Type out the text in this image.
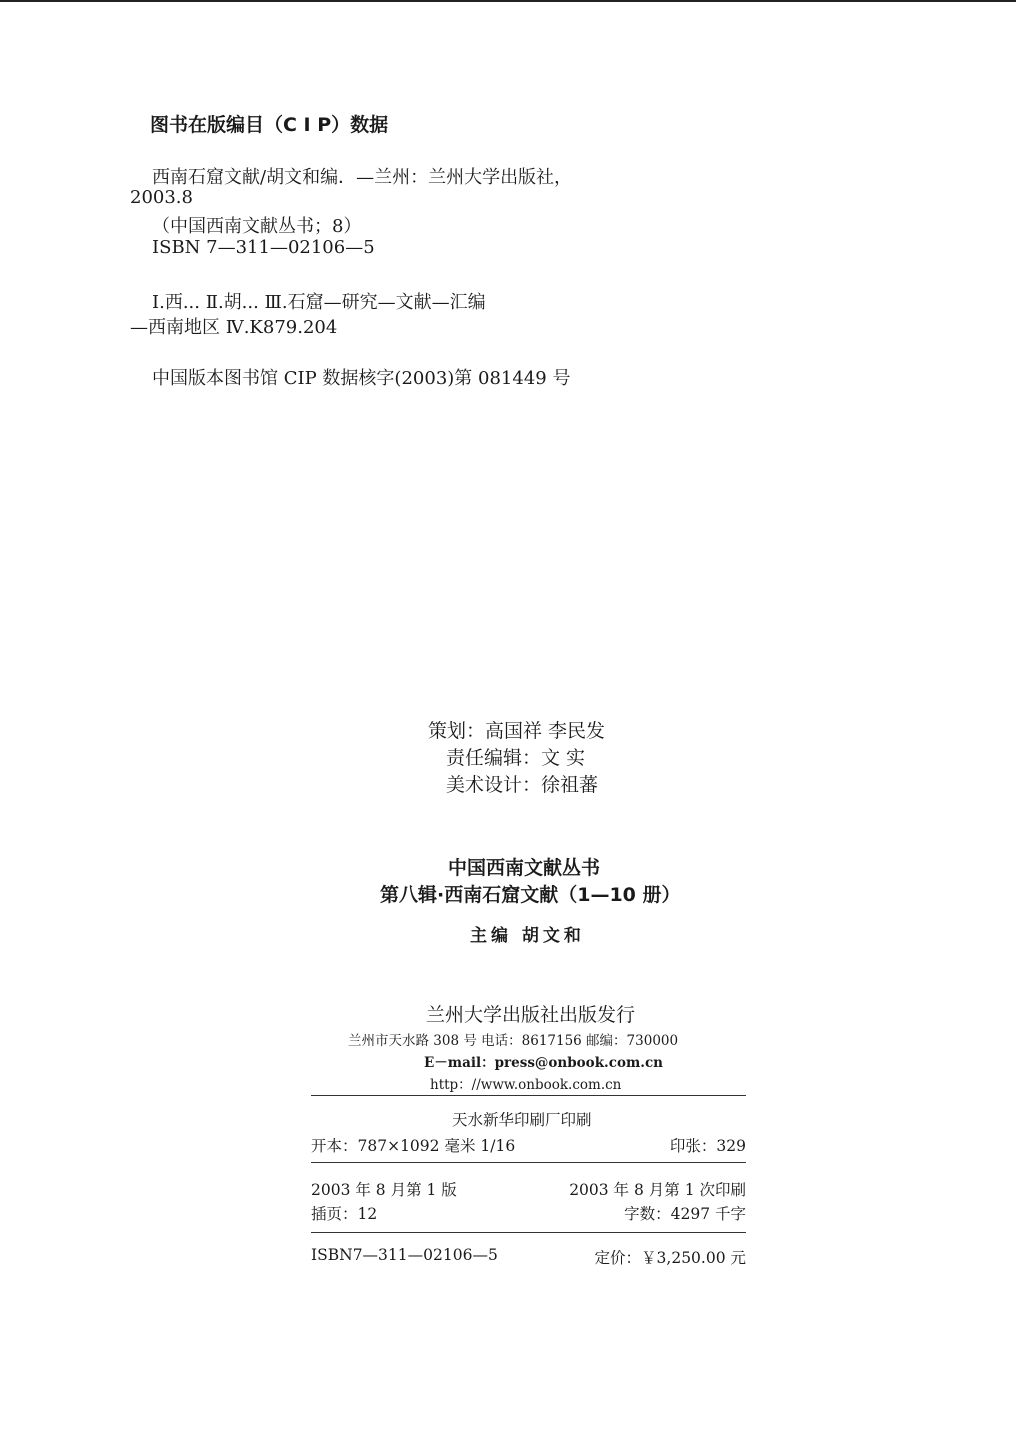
图书在版编目（C I P）数据
西南石窟文献/胡文和编．—兰州：兰州大学出版社，
2003.8
（中国西南文献丛书；8）
ISBN 7—311—02106—5
Ⅰ.西... Ⅱ.胡... Ⅲ.石窟—研究—文献—汇编
—西南地区 Ⅳ.K879.204
中国版本图书馆 CIP 数据核字(2003)第 081449 号
策划：高国祥 李民发
责任编辑：文 实
美术设计：徐祖蕃
中国西南文献丛书
第八辑·西南石窟文献（1—10 册）
主编 胡文和
兰州大学出版社出版发行
兰州市天水路 308 号 电话：8617156 邮编：730000
E－mail：press@onbook.com.cn
http：//www.onbook.com.cn
天水新华印刷厂印刷
开本：787×1092 毫米 1/16	印张：329
2003 年 8 月第 1 版	2003 年 8 月第 1 次印刷
插页：12	字数：4297 千字
ISBN7—311—02106—5	定价：￥3,250.00 元
